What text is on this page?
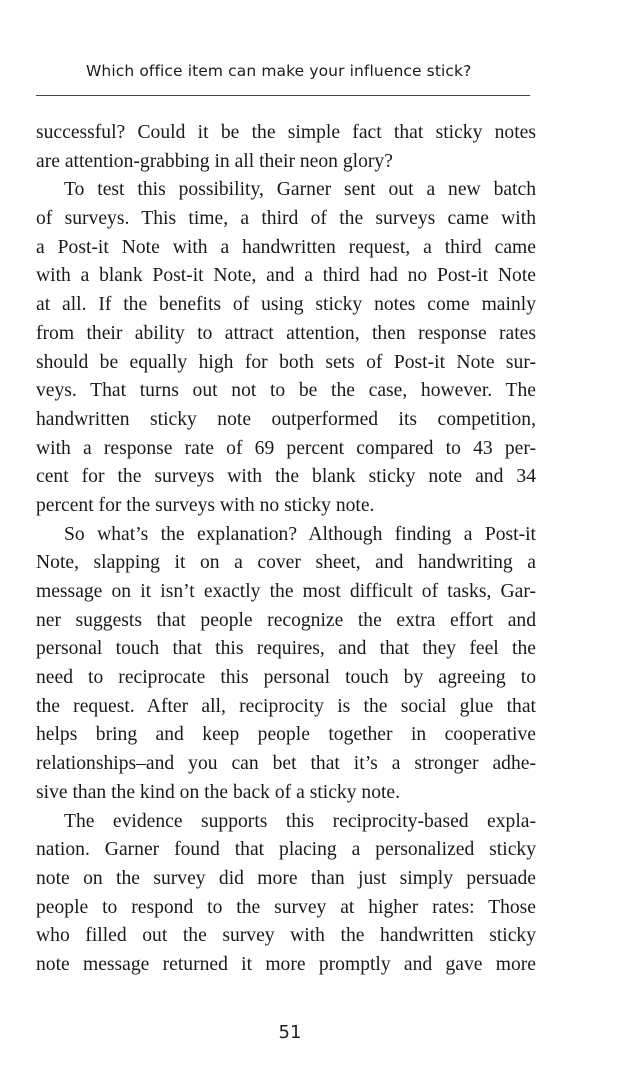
Which office item can make your influence stick?
successful? Could it be the simple fact that sticky notes
are attention-grabbing in all their neon glory?
To test this possibility, Garner sent out a new batch
of surveys. This time, a third of the surveys came with
a Post-it Note with a handwritten request, a third came
with a blank Post-it Note, and a third had no Post-it Note
at all. If the benefits of using sticky notes come mainly
from their ability to attract attention, then response rates
should be equally high for both sets of Post-it Note sur-
veys. That turns out not to be the case, however. The
handwritten sticky note outperformed its competition,
with a response rate of 69 percent compared to 43 per-
cent for the surveys with the blank sticky note and 34
percent for the surveys with no sticky note.
So what’s the explanation? Although finding a Post-it
Note, slapping it on a cover sheet, and handwriting a
message on it isn’t exactly the most difficult of tasks, Gar-
ner suggests that people recognize the extra effort and
personal touch that this requires, and that they feel the
need to reciprocate this personal touch by agreeing to
the request. After all, reciprocity is the social glue that
helps bring and keep people together in cooperative
relationships–and you can bet that it’s a stronger adhe-
sive than the kind on the back of a sticky note.
The evidence supports this reciprocity-based expla-
nation. Garner found that placing a personalized sticky
note on the survey did more than just simply persuade
people to respond to the survey at higher rates: Those
who filled out the survey with the handwritten sticky
note message returned it more promptly and gave more
51
